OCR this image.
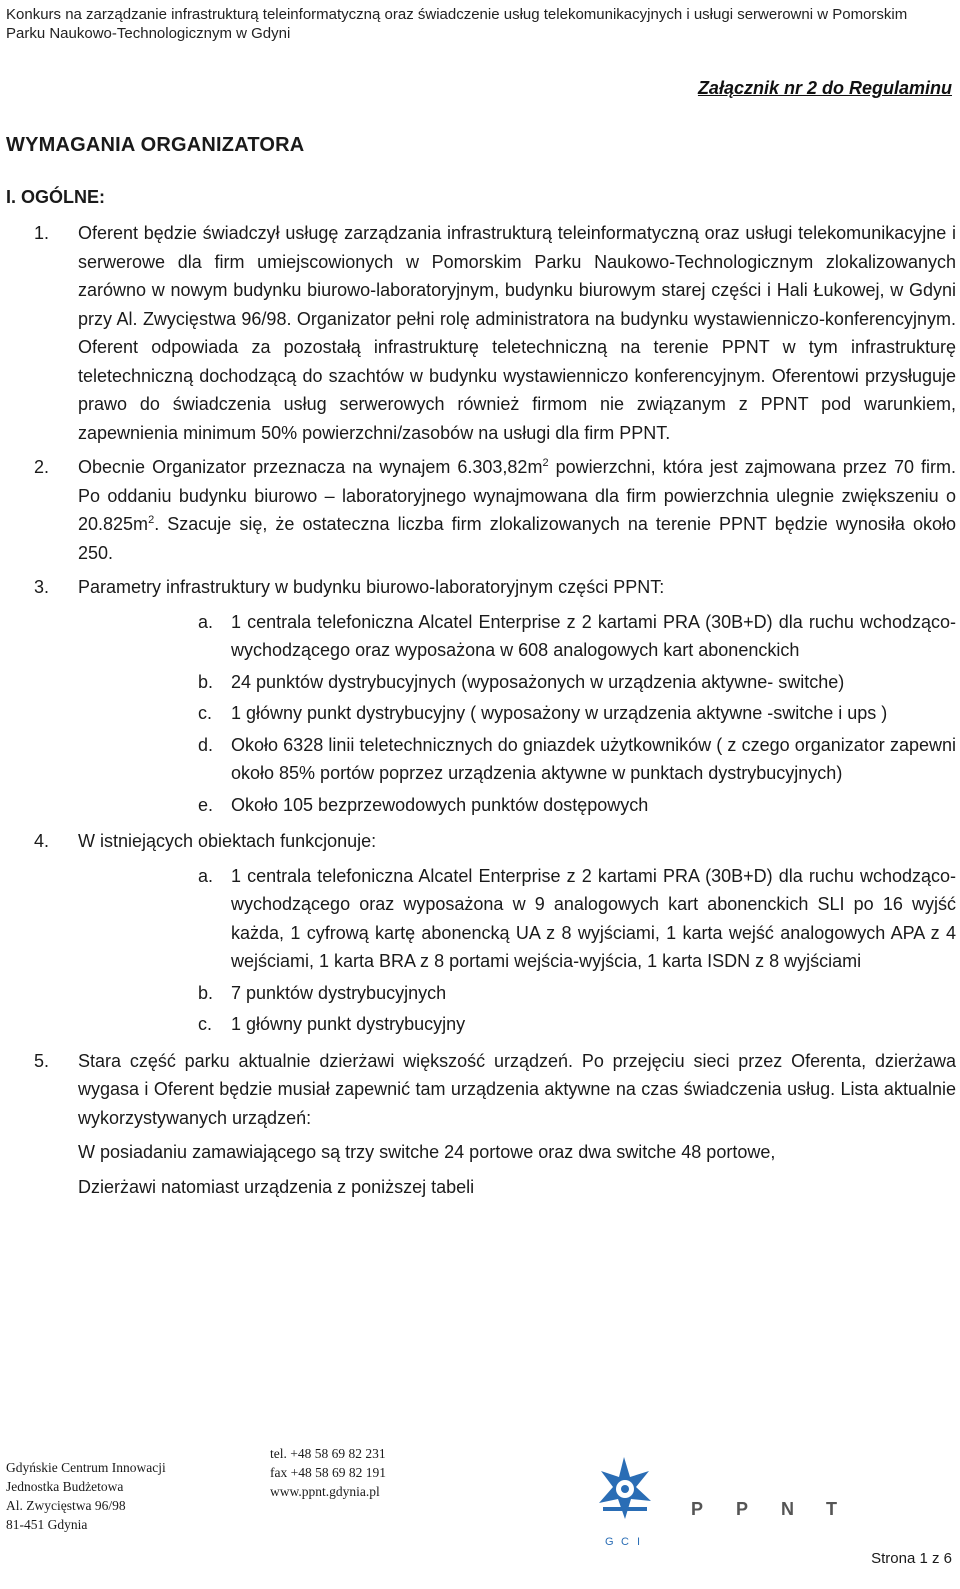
Konkurs na zarządzanie infrastrukturą teleinformatyczną oraz świadczenie usług telekomunikacyjnych i usługi serwerowni w Pomorskim
Parku Naukowo-Technologicznym w Gdyni
Załącznik nr 2 do Regulaminu
WYMAGANIA ORGANIZATORA
I. OGÓLNE:
1. Oferent będzie świadczył usługę zarządzania infrastrukturą teleinformatyczną oraz usługi telekomunikacyjne i serwerowe dla firm umiejscowionych w Pomorskim Parku Naukowo-Technologicznym zlokalizowanych zarówno w nowym budynku biurowo-laboratoryjnym, budynku biurowym starej części i Hali Łukowej, w Gdyni przy Al. Zwycięstwa 96/98. Organizator pełni rolę administratora na budynku wystawienniczo-konferencyjnym. Oferent odpowiada za pozostałą infrastrukturę teletechniczną na terenie PPNT w tym infrastrukturę teletechniczną dochodzącą do szachtów w budynku wystawienniczo konferencyjnym. Oferentowi przysługuje prawo do świadczenia usług serwerowych również firmom nie związanym z PPNT pod warunkiem, zapewnienia minimum 50% powierzchni/zasobów na usługi dla firm PPNT.
2. Obecnie Organizator przeznacza na wynajem $6.303,82m^2$ powierzchni, która jest zajmowana przez 70 firm. Po oddaniu budynku biurowo – laboratoryjnego wynajmowana dla firm powierzchnia ulegnie zwiększeniu o $20.825m^2$. Szacuje się, że ostateczna liczba firm zlokalizowanych na terenie PPNT będzie wynosiła około 250.
3. Parametry infrastruktury w budynku biurowo-laboratoryjnym części PPNT:
a. 1 centrala telefoniczna Alcatel Enterprise z 2 kartami PRA (30B+D) dla ruchu wchodząco-wychodzącego oraz wyposażona w 608 analogowych kart abonenckich
b. 24 punktów dystrybucyjnych (wyposażonych w urządzenia aktywne- switche)
c. 1 główny punkt dystrybucyjny ( wyposażony w urządzenia aktywne -switche i ups )
d. Około 6328 linii teletechnicznych do gniazdek użytkowników ( z czego organizator zapewni około 85% portów poprzez urządzenia aktywne w punktach dystrybucyjnych)
e. Około 105 bezprzewodowych punktów dostępowych
4. W istniejących obiektach funkcjonuje:
a. 1 centrala telefoniczna Alcatel Enterprise z 2 kartami PRA (30B+D) dla ruchu wchodząco-wychodzącego oraz wyposażona w 9 analogowych kart abonenckich SLI po 16 wyjść każda, 1 cyfrową kartę abonencką UA z 8 wyjściami, 1 karta wejść analogowych APA z 4 wejściami, 1 karta BRA z 8 portami wejścia-wyjścia, 1 karta ISDN z 8 wyjściami
b. 7 punktów dystrybucyjnych
c. 1 główny punkt dystrybucyjny
5. Stara część parku aktualnie dzierżawi większość urządzeń. Po przejęciu sieci przez Oferenta, dzierżawa wygasa i Oferent będzie musiał zapewnić tam urządzenia aktywne na czas świadczenia usług. Lista aktualnie wykorzystywanych urządzeń:
W posiadaniu zamawiającego są trzy switche 24 portowe oraz dwa switche 48 portowe,
Dzierżawi natomiast urządzenia z poniższej tabeli
Gdyńskie Centrum Innowacji
Jednostka Budżetowa
Al. Zwycięstwa 96/98
81-451 Gdynia
tel. +48 58 69 82 231
fax +48 58 69 82 191
www.ppnt.gdynia.pl
G C I
P P N T
Strona 1 z 6
